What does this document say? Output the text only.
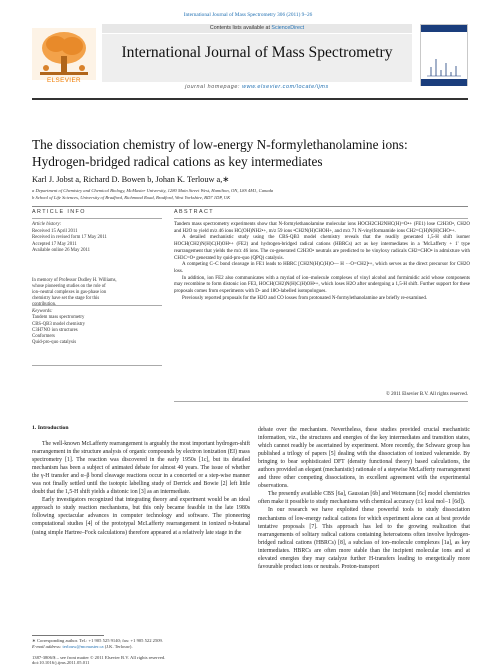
International Journal of Mass Spectrometry 306 (2011) 9–26
ELSEVIER
Contents lists available at ScienceDirect
International Journal of Mass Spectrometry
journal homepage: www.elsevier.com/locate/ijms
The dissociation chemistry of low-energy N-formylethanolamine ions:
Hydrogen-bridged radical cations as key intermediates
Karl J. Jobst a, Richard D. Bowen b, Johan K. Terlouw a,∗
a Department of Chemistry and Chemical Biology, McMaster University, 1280 Main Street West, Hamilton, ON, L8S 4M1, Canada
b School of Life Sciences, University of Bradford, Richmond Road, Bradford, West Yorkshire, BD7 1DP, UK
ARTICLE INFO	ABSTRACT
Article history:
Received 15 April 2011
Received in revised form 17 May 2011
Accepted 17 May 2011
Available online 26 May 2011
In memory of Professor Dudley H. Williams,
whose pioneering studies on the role of
ion–neutral complexes in gas-phase ion
chemistry have set the stage for this
Keywords:
Tandem mass spectrometry
CBS-QB3 model chemistry
C3H7NO ion structures
Conformers
Quid-pro-quo catalysis

Tandem mass spectrometry experiments show that N-formylethanolamine molecular ions HOCH2CH2NHC(H)=O•+ (FE1) lose C2H3O•, CH2O and H2O to yield m/z 46 ions HC(OH)NH2•+, m/z 59 ions •CH2N(H)CHOH+, and m/z 71 N-vinylformamide ions CH2=C(H)N(H)CHO•+.

A detailed mechanistic study using the CBS-QB3 model chemistry reveals that the readily generated 1,5-H shift isomer HOCH(CH2)N(H)C(H)OH•+ (FE2) and hydrogen-bridged radical cations (HBRCs) act as key intermediates in a 'McLafferty + 1' type rearrangement that yields the m/z 46 ions. The co-generated C2H3O• neutrals are predicted to be vinyloxy radicals CH2=CHO• in admixture with CH3C=O• generated by quid-pro-quo (QPQ) catalysis.

A competing C–C bond cleavage in FE1 leads to HBRC [CH2N(H)C(H)O— H ···O=CH2]•+, which serves as the direct precursor for CH2O loss.

In addition, ion FE2 also communicates with a myriad of ion–molecule complexes of vinyl alcohol and formimidic acid whose components may recombine to form distonic ion FE3, HOCH(CH2)N(H)C(H)OH•+, which loses H2O after undergoing a 1,5-H shift. Further support for these proposals comes from experiments with D- and 18O-labelled isotopologues.

Previously reported proposals for the H2O and CO losses from protonated N-formylethanolamine are briefly re-examined.

© 2011 Elsevier B.V. All rights reserved.
1. Introduction

The well-known McLafferty rearrangement is arguably the most important hydrogen-shift rearrangement in the structure analysis of organic compounds by electron ionization (EI) mass spectrometry [1]. The reaction was discovered in the early 1950s [1c], but its detailed mechanism has been a subject of animated debate for almost 40 years. The issue of whether the γ-H transfer and α–β bond cleavage reactions occur in a concerted or a step-wise manner was not finally settled until the isotopic labelling study of Derrick and Bowie [2] left little doubt that the 1,5-H shift yields a distonic ion [3] as an intermediate.

Early investigators recognized that integrating theory and experiment would be an ideal approach to study reaction mechanisms, but this only became feasible in the late 1980s following spectacular advances in computer technology and software. The pioneering computational studies [4] of the prototypal McLafferty rearrangement in ionized n-butanal (using simple Hartree–Fock calculations) therefore appeared at a relatively late stage in the

debate over the mechanism. Nevertheless, these studies provided crucial mechanistic information, viz., the structures and energies of the key intermediates and transition states, which cannot readily be ascertained by experiment. More recently, the Schwarz group has published a trilogy of papers [5] dealing with the dissociation of ionized valeramide. By bringing to bear sophisticated DFT (density functional theory) based calculations, the authors provided an elegant (mechanistic) rationale of a stepwise McLafferty rearrangement and three other competing dissociations, in excellent agreement with the experimental observations.

The presently available CBS [6a], Gaussian [6b] and Weizmann [6c] model chemistries often make it possible to study mechanisms with chemical accuracy (±1 kcal mol−1 [6d]).

In our research we have exploited these powerful tools to study dissociation mechanisms of low-energy radical cations for which experiment alone can at best provide tentative proposals [7]. This approach has led to the growing realization that rearrangements of solitary radical cations containing heteroatoms often involve hydrogen-bridged radical cations (HBRCs) [8], a subclass of ion–molecule complexes [1a], as key intermediates. HBRCs are often more stable than the incipient molecular ions and at elevated energies they may catalyze further H-transfers leading to energetically more favourable product ions or neutrals. Proton-transport

∗ Corresponding author. Tel.: +1 905 525 9140; fax: +1 905 522 2509.
E-mail address: terlouw@mcmaster.ca (J.K. Terlouw).
1387-3806/$ – see front matter © 2011 Elsevier B.V. All rights reserved.
doi:10.1016/j.ijms.2011.05.011
